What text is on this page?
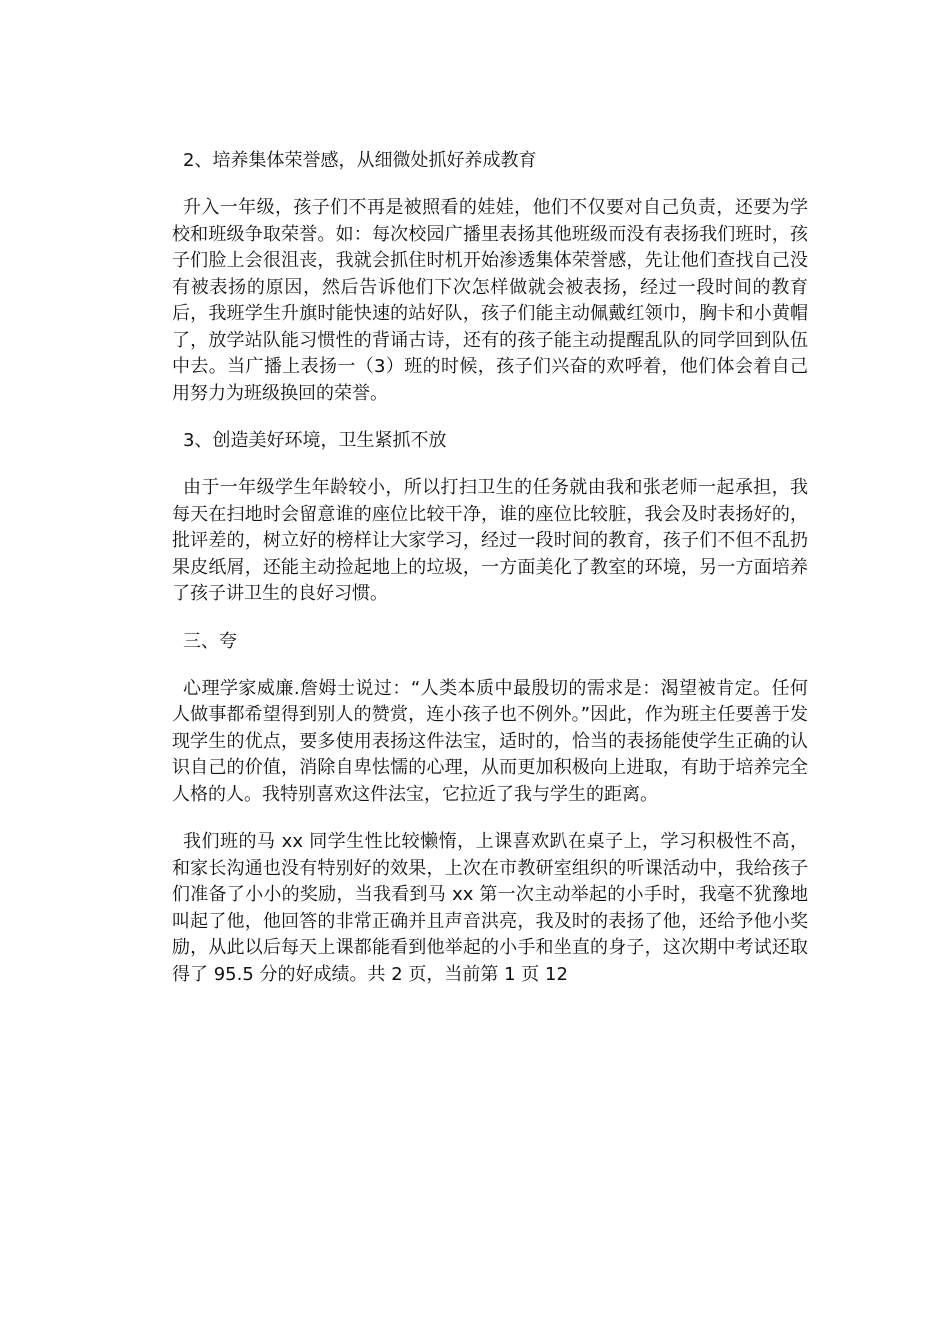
2、培养集体荣誉感，从细微处抓好养成教育

升入一年级，孩子们不再是被照看的娃娃，他们不仅要对自己负责，还要为学校和班级争取荣誉。如：每次校园广播里表扬其他班级而没有表扬我们班时，孩子们脸上会很沮丧，我就会抓住时机开始渗透集体荣誉感，先让他们查找自己没有被表扬的原因，然后告诉他们下次怎样做就会被表扬，经过一段时间的教育后，我班学生升旗时能快速的站好队，孩子们能主动佩戴红领巾，胸卡和小黄帽了，放学站队能习惯性的背诵古诗，还有的孩子能主动提醒乱队的同学回到队伍中去。当广播上表扬一（3）班的时候，孩子们兴奋的欢呼着，他们体会着自己用努力为班级换回的荣誉。

3、创造美好环境，卫生紧抓不放

由于一年级学生年龄较小，所以打扫卫生的任务就由我和张老师一起承担，我每天在扫地时会留意谁的座位比较干净，谁的座位比较脏，我会及时表扬好的，批评差的，树立好的榜样让大家学习，经过一段时间的教育，孩子们不但不乱扔果皮纸屑，还能主动捡起地上的垃圾，一方面美化了教室的环境，另一方面培养了孩子讲卫生的良好习惯。

三、夸

心理学家威廉.詹姆士说过：“人类本质中最殷切的需求是：渴望被肯定。任何人做事都希望得到别人的赞赏，连小孩子也不例外。”因此，作为班主任要善于发现学生的优点，要多使用表扬这件法宝，适时的，恰当的表扬能使学生正确的认识自己的价值，消除自卑怯懦的心理，从而更加积极向上进取，有助于培养完全人格的人。我特别喜欢这件法宝，它拉近了我与学生的距离。

我们班的马 xx 同学生性比较懒惰，上课喜欢趴在桌子上，学习积极性不高，和家长沟通也没有特别好的效果，上次在市教研室组织的听课活动中，我给孩子们准备了小小的奖励，当我看到马 xx 第一次主动举起的小手时，我毫不犹豫地叫起了他，他回答的非常正确并且声音洪亮，我及时的表扬了他，还给予他小奖励，从此以后每天上课都能看到他举起的小手和坐直的身子，这次期中考试还取得了 95.5 分的好成绩。共 2 页，当前第 1 页 12
